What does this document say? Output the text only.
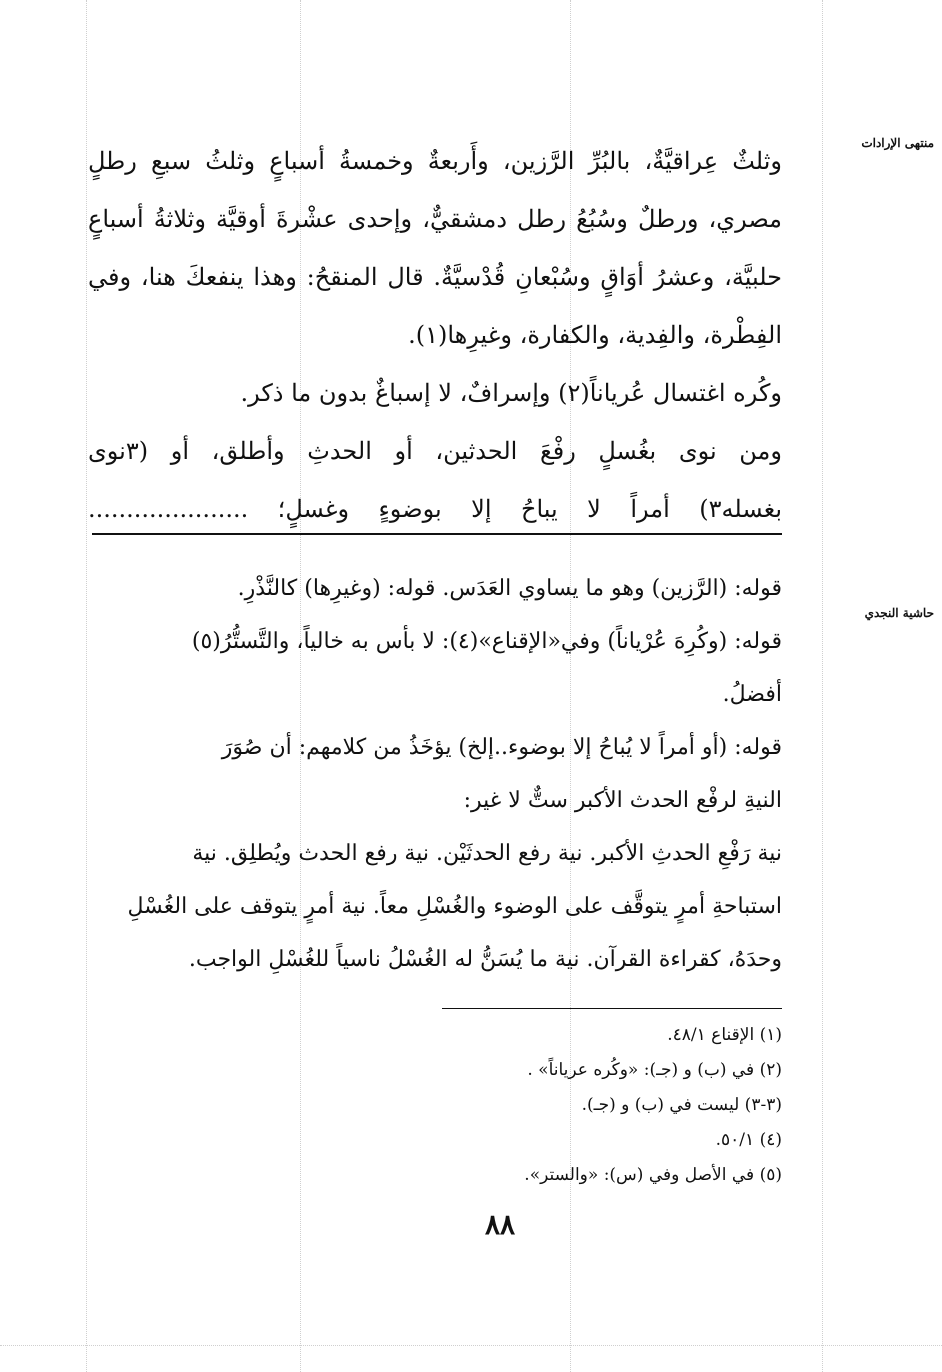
منتهى الإرادات
حاشية النجدي
وثلثٌ عِراقيَّةٌ، بالبُرِّ الرَّزين، وأَربعةٌ وخمسةُ أسباعٍ وثلثُ سبعِ رطلٍ
مصري، ورطلٌ وسُبُعُ رطل دمشقيٌّ، وإحدى عشْرةَ أوقيَّة وثلاثةُ أسباعٍ
حلبيَّة، وعشرُ أوَاقٍ وسُبْعانِ قُدْسيَّةٌ. قال المنقحُ: وهذا ينفعكَ هنا، وفي
الفِطْرة، والفِدية، والكفارة، وغيرِها(١).
وكُره اغتسال عُرياناً(٢) وإسرافٌ، لا إسباغٌ بدون ما ذكر.
ومن نوى بغُسلٍ رفْعَ الحدثين، أو الحدثِ وأطلق، أو (٣نوى
بغسله٣) أمراً لا يباحُ إلا بوضوءٍ وغسلٍ؛ .....................
قوله: (الرَّزين) وهو ما يساوي العَدَس. قوله: (وغيرِها) كالنَّذْرِ.
قوله: (وكُرِهَ عُرْياناً) وفي«الإقناع»(٤): لا بأس به خالياً، والتَّستُّرُ(٥)
أفضلُ.
قوله: (أو أمراً لا يُباحُ إلا بوضوء..إلخ) يؤخَذُ من كلامهم: أن صُوَرَ
النيةِ لرفْع الحدث الأكبر ستٌّ لا غير:
نية رَفْعِ الحدثِ الأكبر. نية رفع الحدثَيْن. نية رفع الحدث ويُطلِق. نية
استباحةِ أمرٍ يتوقَّف على الوضوء والغُسْلِ معاً. نية أمرٍ يتوقف على الغُسْلِ
وحدَهُ، كقراءة القرآن. نية ما يُسَنُّ له الغُسْلُ ناسياً للغُسْلِ الواجب.
(١) الإقناع ٤٨/١.
(٢) في (ب) و (جـ): «وكُره عرياناً» .
(٣-٣) ليست في (ب) و (جـ).
(٤) ٥٠/١.
(٥) في الأصل وفي (س): «والستر».
٨٨
